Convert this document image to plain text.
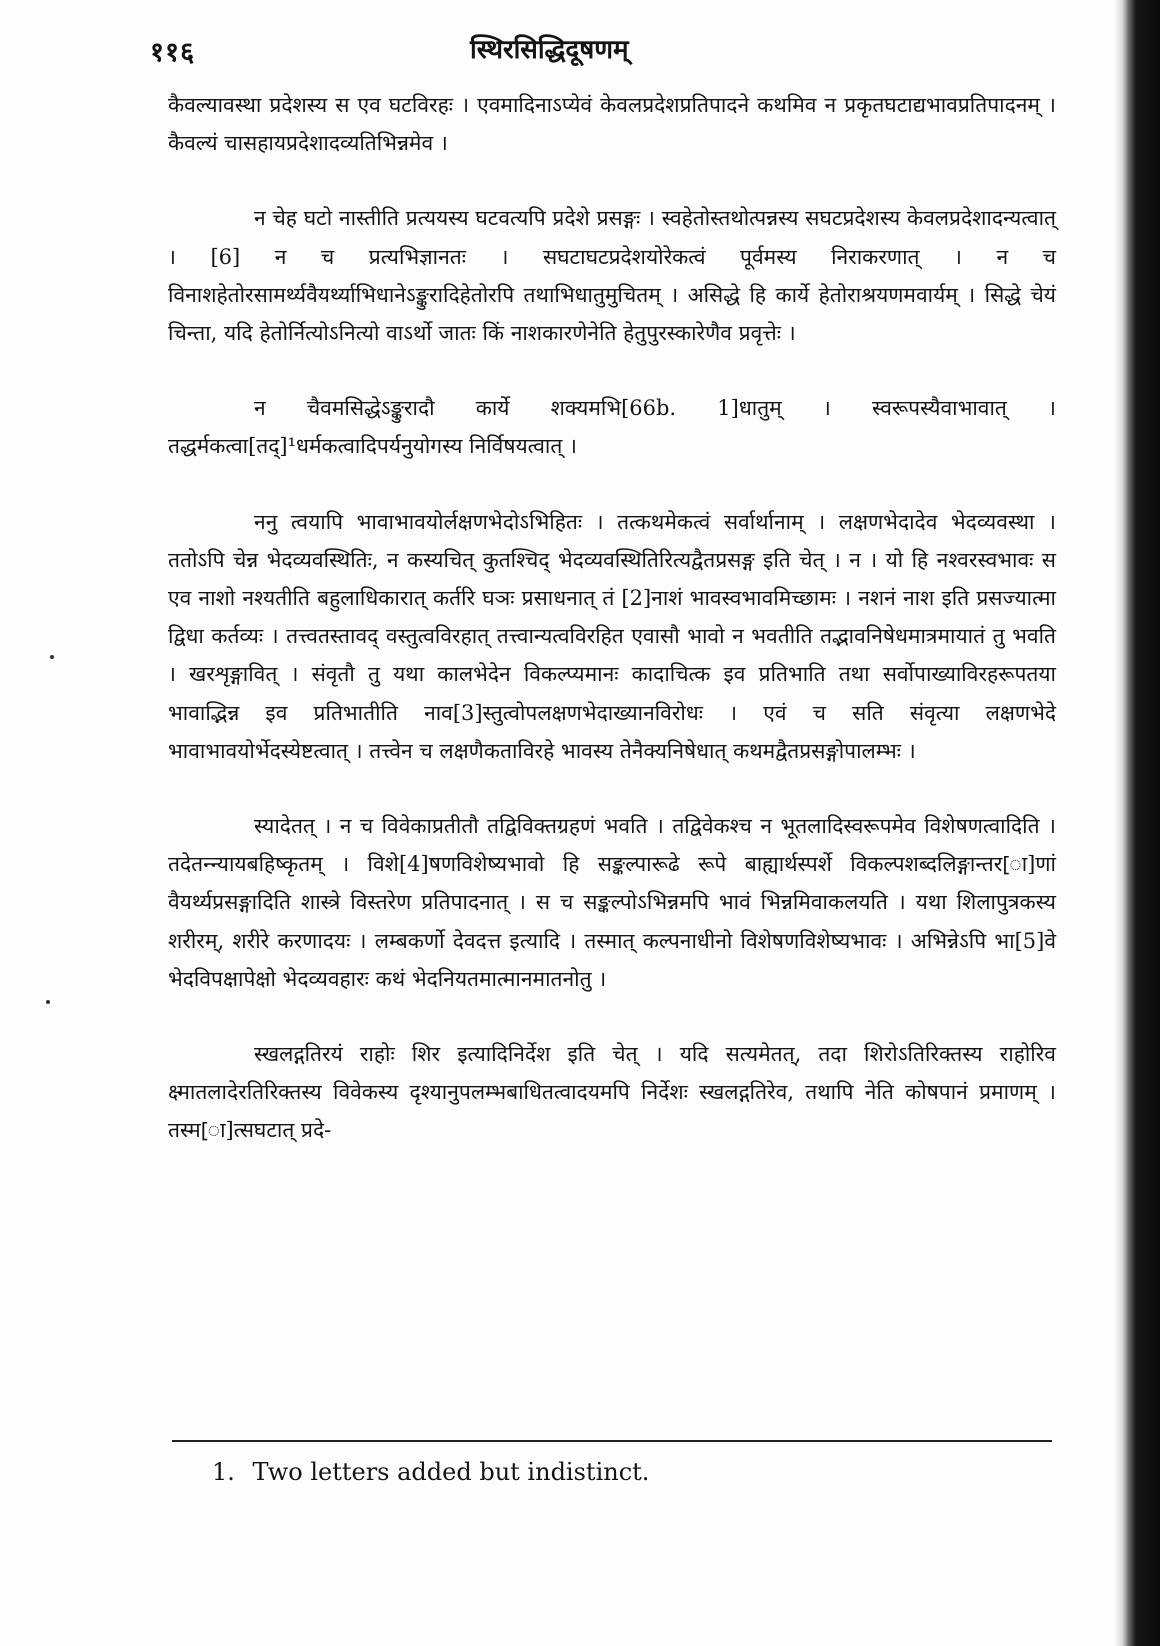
११६	स्थिरसिद्धिदूषणम्

कैवल्यावस्था प्रदेशस्य स एव घटविरहः । एवमादिनाऽप्येवं केवलप्रदेशप्रतिपादने कथमिव न प्रकृतघटाद्यभावप्रतिपादनम् । कैवल्यं चासहायप्रदेशादव्यतिभिन्नमेव ।

न चेह घटो नास्तीति प्रत्ययस्य घटवत्यपि प्रदेशे प्रसङ्गः । स्वहेतोस्तथोत्पन्नस्य सघटप्रदेशस्य केवलप्रदेशादन्यत्वात् । [6] न च प्रत्यभिज्ञानतः । सघटाघटप्रदेशयोरेकत्वं पूर्वमस्य निराकरणात् । न च विनाशहेतोरसामर्थ्यवैयर्थ्याभिधानेऽङ्कुरादिहेतोरपि तथाभिधातुमुचितम् । असिद्धे हि कार्ये हेतोराश्रयणमवार्यम् । सिद्धे चेयं चिन्ता, यदि हेतोर्नित्योऽनित्यो वाऽर्थो जातः किं नाशकारणेनेति हेतुपुरस्कारेणैव प्रवृत्तेः ।

न चैवमसिद्धेऽङ्कुरादौ कार्ये शक्यमभि[66b. 1]धातुम् । स्वरूपस्यैवाभावात् । तद्धर्मकत्वा[तद्]¹धर्मकत्वादिपर्यनुयोगस्य निर्विषयत्वात् ।

ननु त्वयापि भावाभावयोर्लक्षणभेदोऽभिहितः । तत्कथमेकत्वं सर्वार्थानाम् । लक्षणभेदादेव भेदव्यवस्था । ततोऽपि चेन्न भेदव्यवस्थितिः, न कस्यचित् कुतश्चिद् भेदव्यवस्थितिरित्यद्वैतप्रसङ्ग इति चेत् । न । यो हि नश्वरस्वभावः स एव नाशो नश्यतीति बहुलाधिकारात् कर्तरि घञः प्रसाधनात् तं [2]नाशं भावस्वभावमिच्छामः । नशनं नाश इति प्रसज्यात्मा द्विधा कर्तव्यः । तत्त्वतस्तावद् वस्तुत्वविरहात् तत्त्वान्यत्वविरहित एवासौ भावो न भवतीति तद्भावनिषेधमात्रमायातं तु भवति । खरशृङ्गावित् । संवृतौ तु यथा कालभेदेन विकल्प्यमानः कादाचित्क इव प्रतिभाति तथा सर्वोपाख्याविरहरूपतया भावाद्भिन्न इव प्रतिभातीति नाव[3]स्तुत्वोपलक्षणभेदाख्यानविरोधः । एवं च सति संवृत्या लक्षणभेदे भावाभावयोर्भेदस्येष्टत्वात् । तत्त्वेन च लक्षणैकताविरहे भावस्य तेनैक्यनिषेधात् कथमद्वैतप्रसङ्गोपालम्भः ।

स्यादेतत् । न च विवेकाप्रतीतौ तद्विविक्तग्रहणं भवति । तद्विवेकश्च न भूतलादिस्वरूपमेव विशेषणत्वादिति । तदेतन्न्यायबहिष्कृतम् । विशे[4]षणविशेष्यभावो हि सङ्कल्पारूढे रूपे बाह्यार्थस्पर्शे विकल्पशब्दलिङ्गान्तर[ा]णां वैयर्थ्यप्रसङ्गादिति शास्त्रे विस्तरेण प्रतिपादनात् । स च सङ्कल्पोऽभिन्नमपि भावं भिन्नमिवाकलयति । यथा शिलापुत्रकस्य शरीरम्, शरीरे करणादयः । लम्बकर्णो देवदत्त इत्यादि । तस्मात् कल्पनाधीनो विशेषणविशेष्यभावः । अभिन्नेऽपि भा[5]वे भेदविपक्षापेक्षो भेदव्यवहारः कथं भेदनियतमात्मानमातनोतु ।

स्खलद्गतिरयं राहोः शिर इत्यादिनिर्देश इति चेत् । यदि सत्यमेतत्, तदा शिरोऽतिरिक्तस्य राहोरिव क्ष्मातलादेरतिरिक्तस्य विवेकस्य दृश्यानुपलम्भबाधितत्वादयमपि निर्देशः स्खलद्गतिरेव, तथापि नेति कोषपानं प्रमाणम् । तस्म[ा]त्सघटात् प्रदे-

1. Two letters added but indistinct.
